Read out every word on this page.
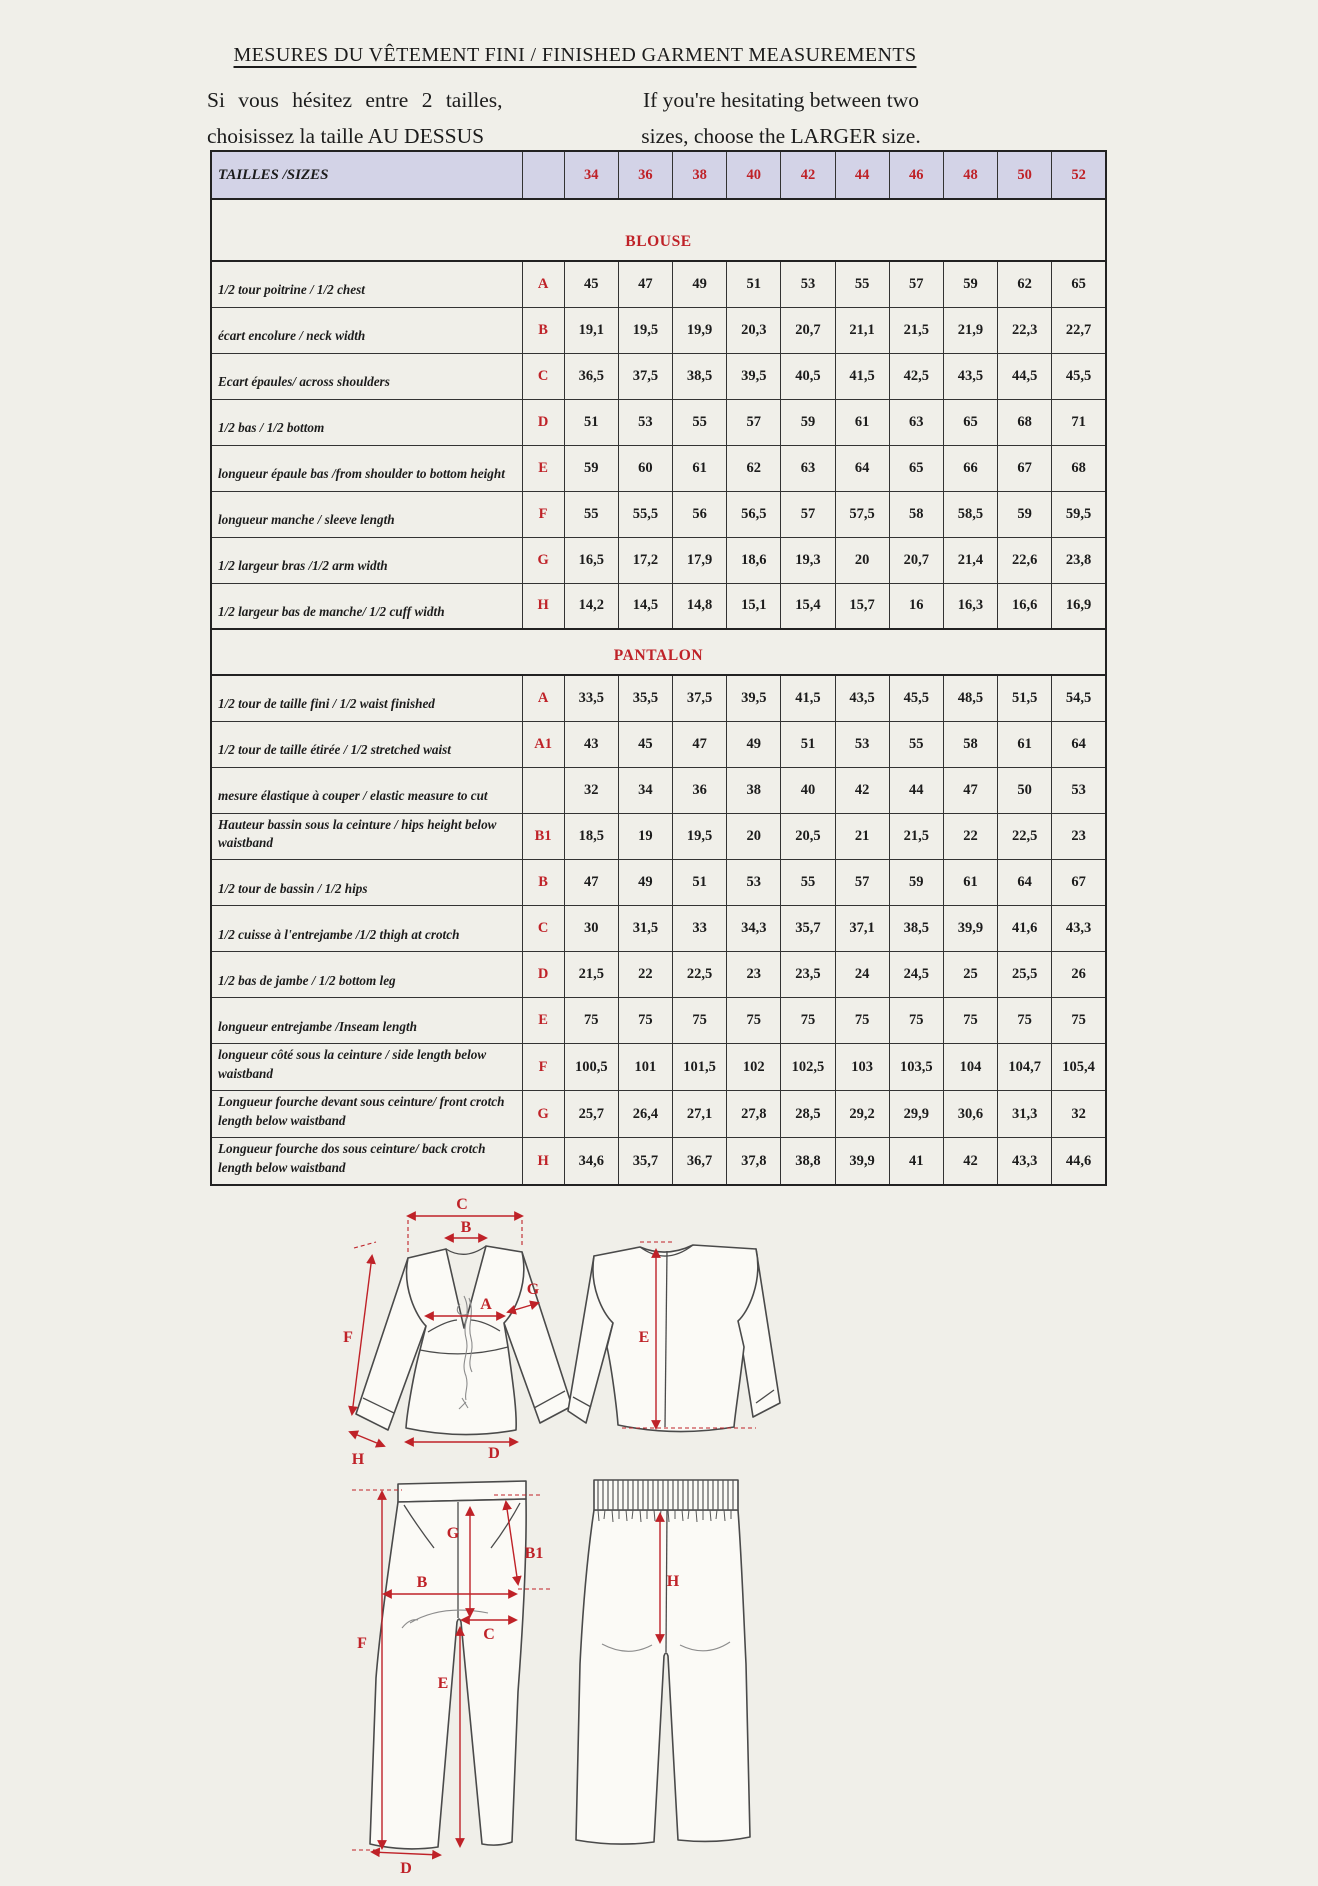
MESURES DU VÊTEMENT FINI / FINISHED GARMENT MEASUREMENTS
Si vous hésitez entre 2 tailles,
choisissez la taille AU DESSUS
If you're hesitating between two
sizes, choose the LARGER size.
TAILLES /SIZES		34	36	38	40	42	44	46	48	50	52
BLOUSE											
1/2 tour poitrine / 1/2 chest	A	45	47	49	51	53	55	57	59	62	65
écart encolure / neck width	B	19,1	19,5	19,9	20,3	20,7	21,1	21,5	21,9	22,3	22,7
Ecart épaules/ across shoulders	C	36,5	37,5	38,5	39,5	40,5	41,5	42,5	43,5	44,5	45,5
1/2 bas / 1/2 bottom	D	51	53	55	57	59	61	63	65	68	71
longueur épaule bas /from shoulder to bottom height	E	59	60	61	62	63	64	65	66	67	68
longueur manche / sleeve length	F	55	55,5	56	56,5	57	57,5	58	58,5	59	59,5
1/2 largeur bras /1/2 arm width	G	16,5	17,2	17,9	18,6	19,3	20	20,7	21,4	22,6	23,8
1/2 largeur bas de manche/ 1/2 cuff width	H	14,2	14,5	14,8	15,1	15,4	15,7	16	16,3	16,6	16,9
PANTALON											
1/2 tour de taille fini / 1/2 waist finished	A	33,5	35,5	37,5	39,5	41,5	43,5	45,5	48,5	51,5	54,5
1/2 tour de taille étirée / 1/2 stretched waist	A1	43	45	47	49	51	53	55	58	61	64
mesure élastique à couper / elastic measure to cut		32	34	36	38	40	42	44	47	50	53
Hauteur bassin sous la ceinture / hips height below waistband	B1	18,5	19	19,5	20	20,5	21	21,5	22	22,5	23
1/2 tour de bassin / 1/2 hips	B	47	49	51	53	55	57	59	61	64	67
1/2 cuisse à l'entrejambe /1/2 thigh at crotch	C	30	31,5	33	34,3	35,7	37,1	38,5	39,9	41,6	43,3
1/2 bas de jambe / 1/2 bottom leg	D	21,5	22	22,5	23	23,5	24	24,5	25	25,5	26
longueur entrejambe /Inseam length	E	75	75	75	75	75	75	75	75	75	75
longueur côté sous la ceinture / side length below waistband	F	100,5	101	101,5	102	102,5	103	103,5	104	104,7	105,4
Longueur fourche devant sous ceinture/ front crotch length below waistband	G	25,7	26,4	27,1	27,8	28,5	29,2	29,9	30,6	31,3	32
Longueur fourche dos sous ceinture/ back crotch length below waistband	H	34,6	35,7	36,7	37,8	38,8	39,9	41	42	43,3	44,6
C
B
A
G
F
H	D
E
F
G
B1
B
C
E
D
H
